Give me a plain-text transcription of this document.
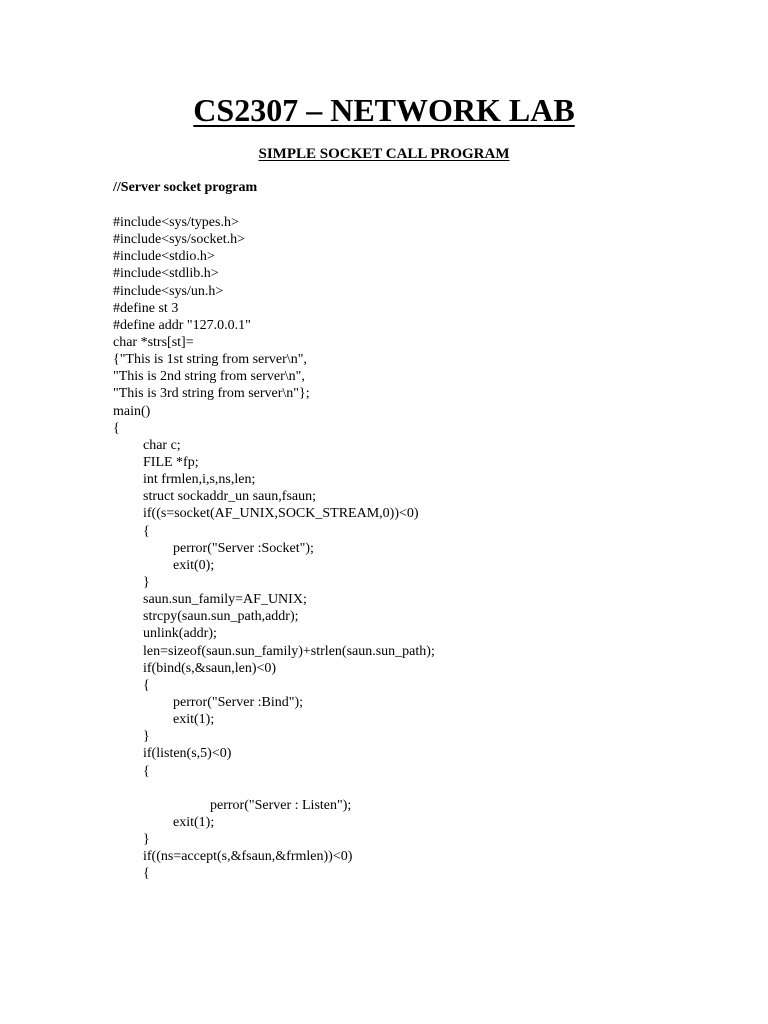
CS2307 – NETWORK LAB
SIMPLE SOCKET CALL PROGRAM
//Server socket program
#include<sys/types.h>
#include<sys/socket.h>
#include<stdio.h>
#include<stdlib.h>
#include<sys/un.h>
#define st 3
#define addr "127.0.0.1"
char *strs[st]=
{"This is 1st string from server\n",
"This is 2nd string from server\n",
"This is 3rd string from server\n"};
main()
{
char c;
FILE *fp;
int frmlen,i,s,ns,len;
struct sockaddr_un saun,fsaun;
if((s=socket(AF_UNIX,SOCK_STREAM,0))<0)
{
perror("Server :Socket");
exit(0);
}
saun.sun_family=AF_UNIX;
strcpy(saun.sun_path,addr);
unlink(addr);
len=sizeof(saun.sun_family)+strlen(saun.sun_path);
if(bind(s,&saun,len)<0)
{
perror("Server :Bind");
exit(1);
}
if(listen(s,5)<0)
{
perror("Server : Listen");
exit(1);
}
if((ns=accept(s,&fsaun,&frmlen))<0)
{
